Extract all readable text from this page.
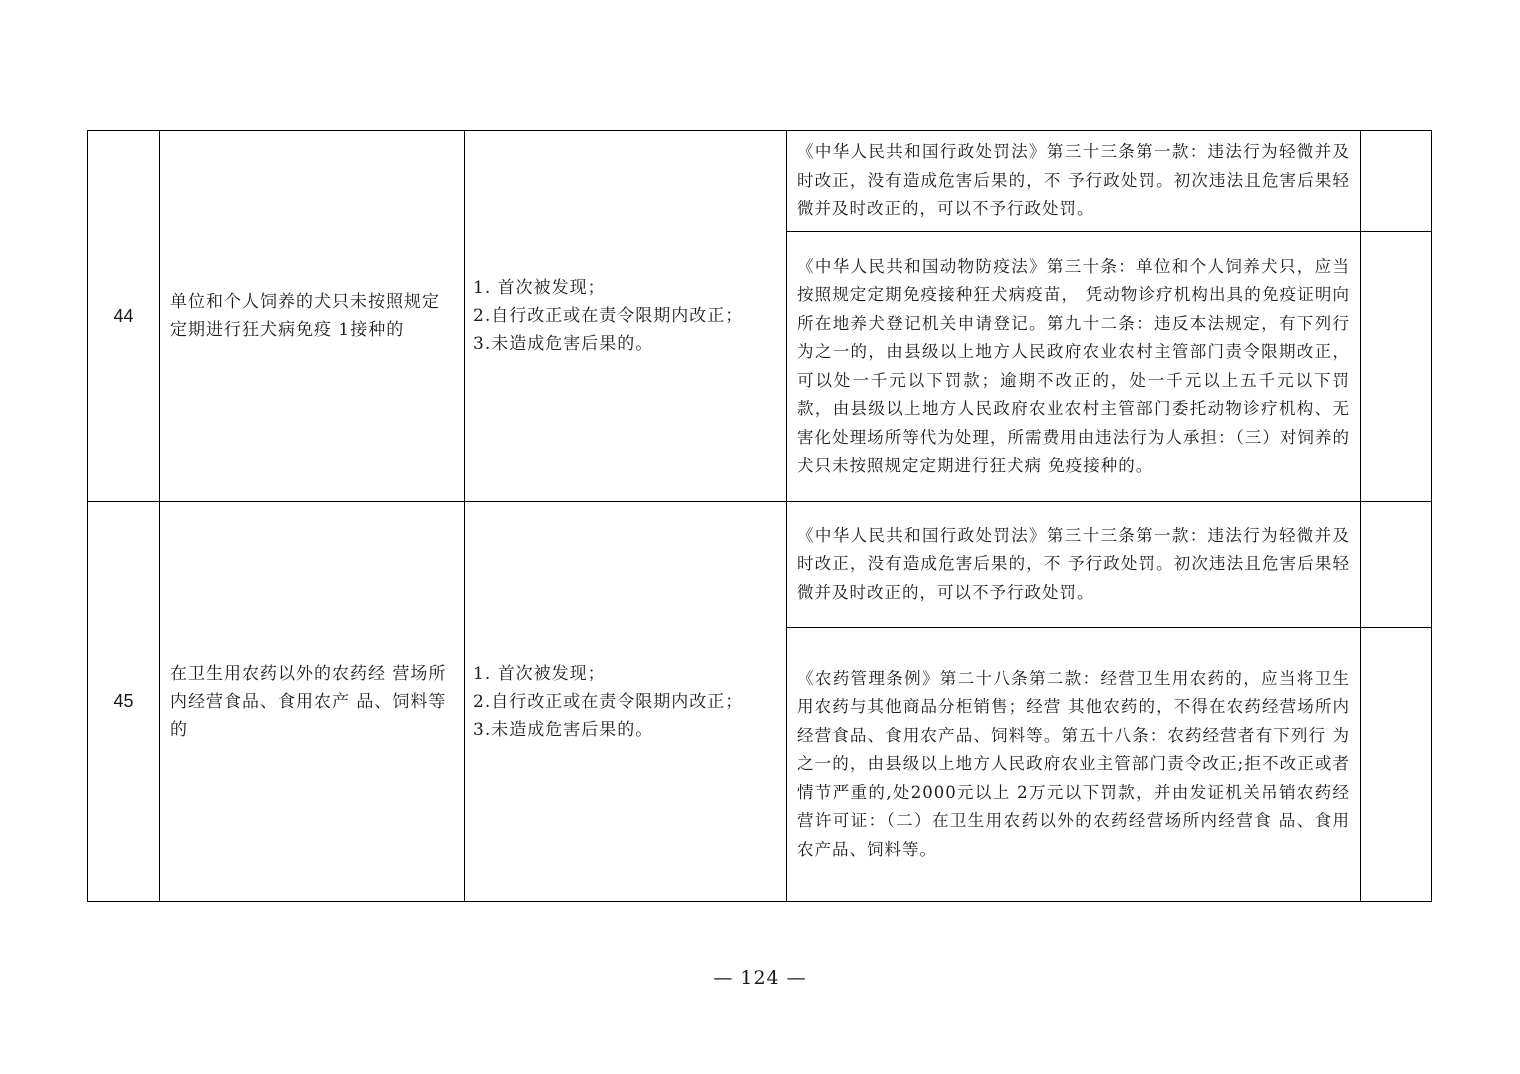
44	单位和个人饲养的犬只未按照规定定期进行狂犬病免疫 1接种的	1. 首次被发现；
2.自行改正或在责令限期内改正；
3.未造成危害后果的。	《中华人民共和国行政处罚法》第三十三条第一款：违法行为轻微并及时改正，没有造成危害后果的，不 予行政处罚。初次违法且危害后果轻微并及时改正的，可以不予行政处罚。	
			《中华人民共和国动物防疫法》第三十条：单位和个人饲养犬只，应当按照规定定期免疫接种狂犬病疫苗， 凭动物诊疗机构出具的免疫证明向所在地养犬登记机关申请登记。第九十二条：违反本法规定，有下列行 为之一的，由县级以上地方人民政府农业农村主管部门责令限期改正，可以处一千元以下罚款；逾期不改正的，处一千元以上五千元以下罚款，由县级以上地方人民政府农业农村主管部门委托动物诊疗机构、无 害化处理场所等代为处理，所需费用由违法行为人承担：（三）对饲养的犬只未按照规定定期进行狂犬病 免疫接种的。	
45	在卫生用农药以外的农药经 营场所内经营食品、食用农产 品、饲料等的	1. 首次被发现；
2.自行改正或在责令限期内改正；
3.未造成危害后果的。	《中华人民共和国行政处罚法》第三十三条第一款：违法行为轻微并及时改正，没有造成危害后果的，不 予行政处罚。初次违法且危害后果轻微并及时改正的，可以不予行政处罚。	
			《农药管理条例》第二十八条第二款：经营卫生用农药的，应当将卫生用农药与其他商品分柜销售；经营 其他农药的，不得在农药经营场所内经营食品、食用农产品、饲料等。第五十八条：农药经营者有下列行 为之一的，由县级以上地方人民政府农业主管部门责令改正;拒不改正或者情节严重的,处2000元以上 2万元以下罚款，并由发证机关吊销农药经营许可证：（二）在卫生用农药以外的农药经营场所内经营食 品、食用农产品、饲料等。	
— 124 —
